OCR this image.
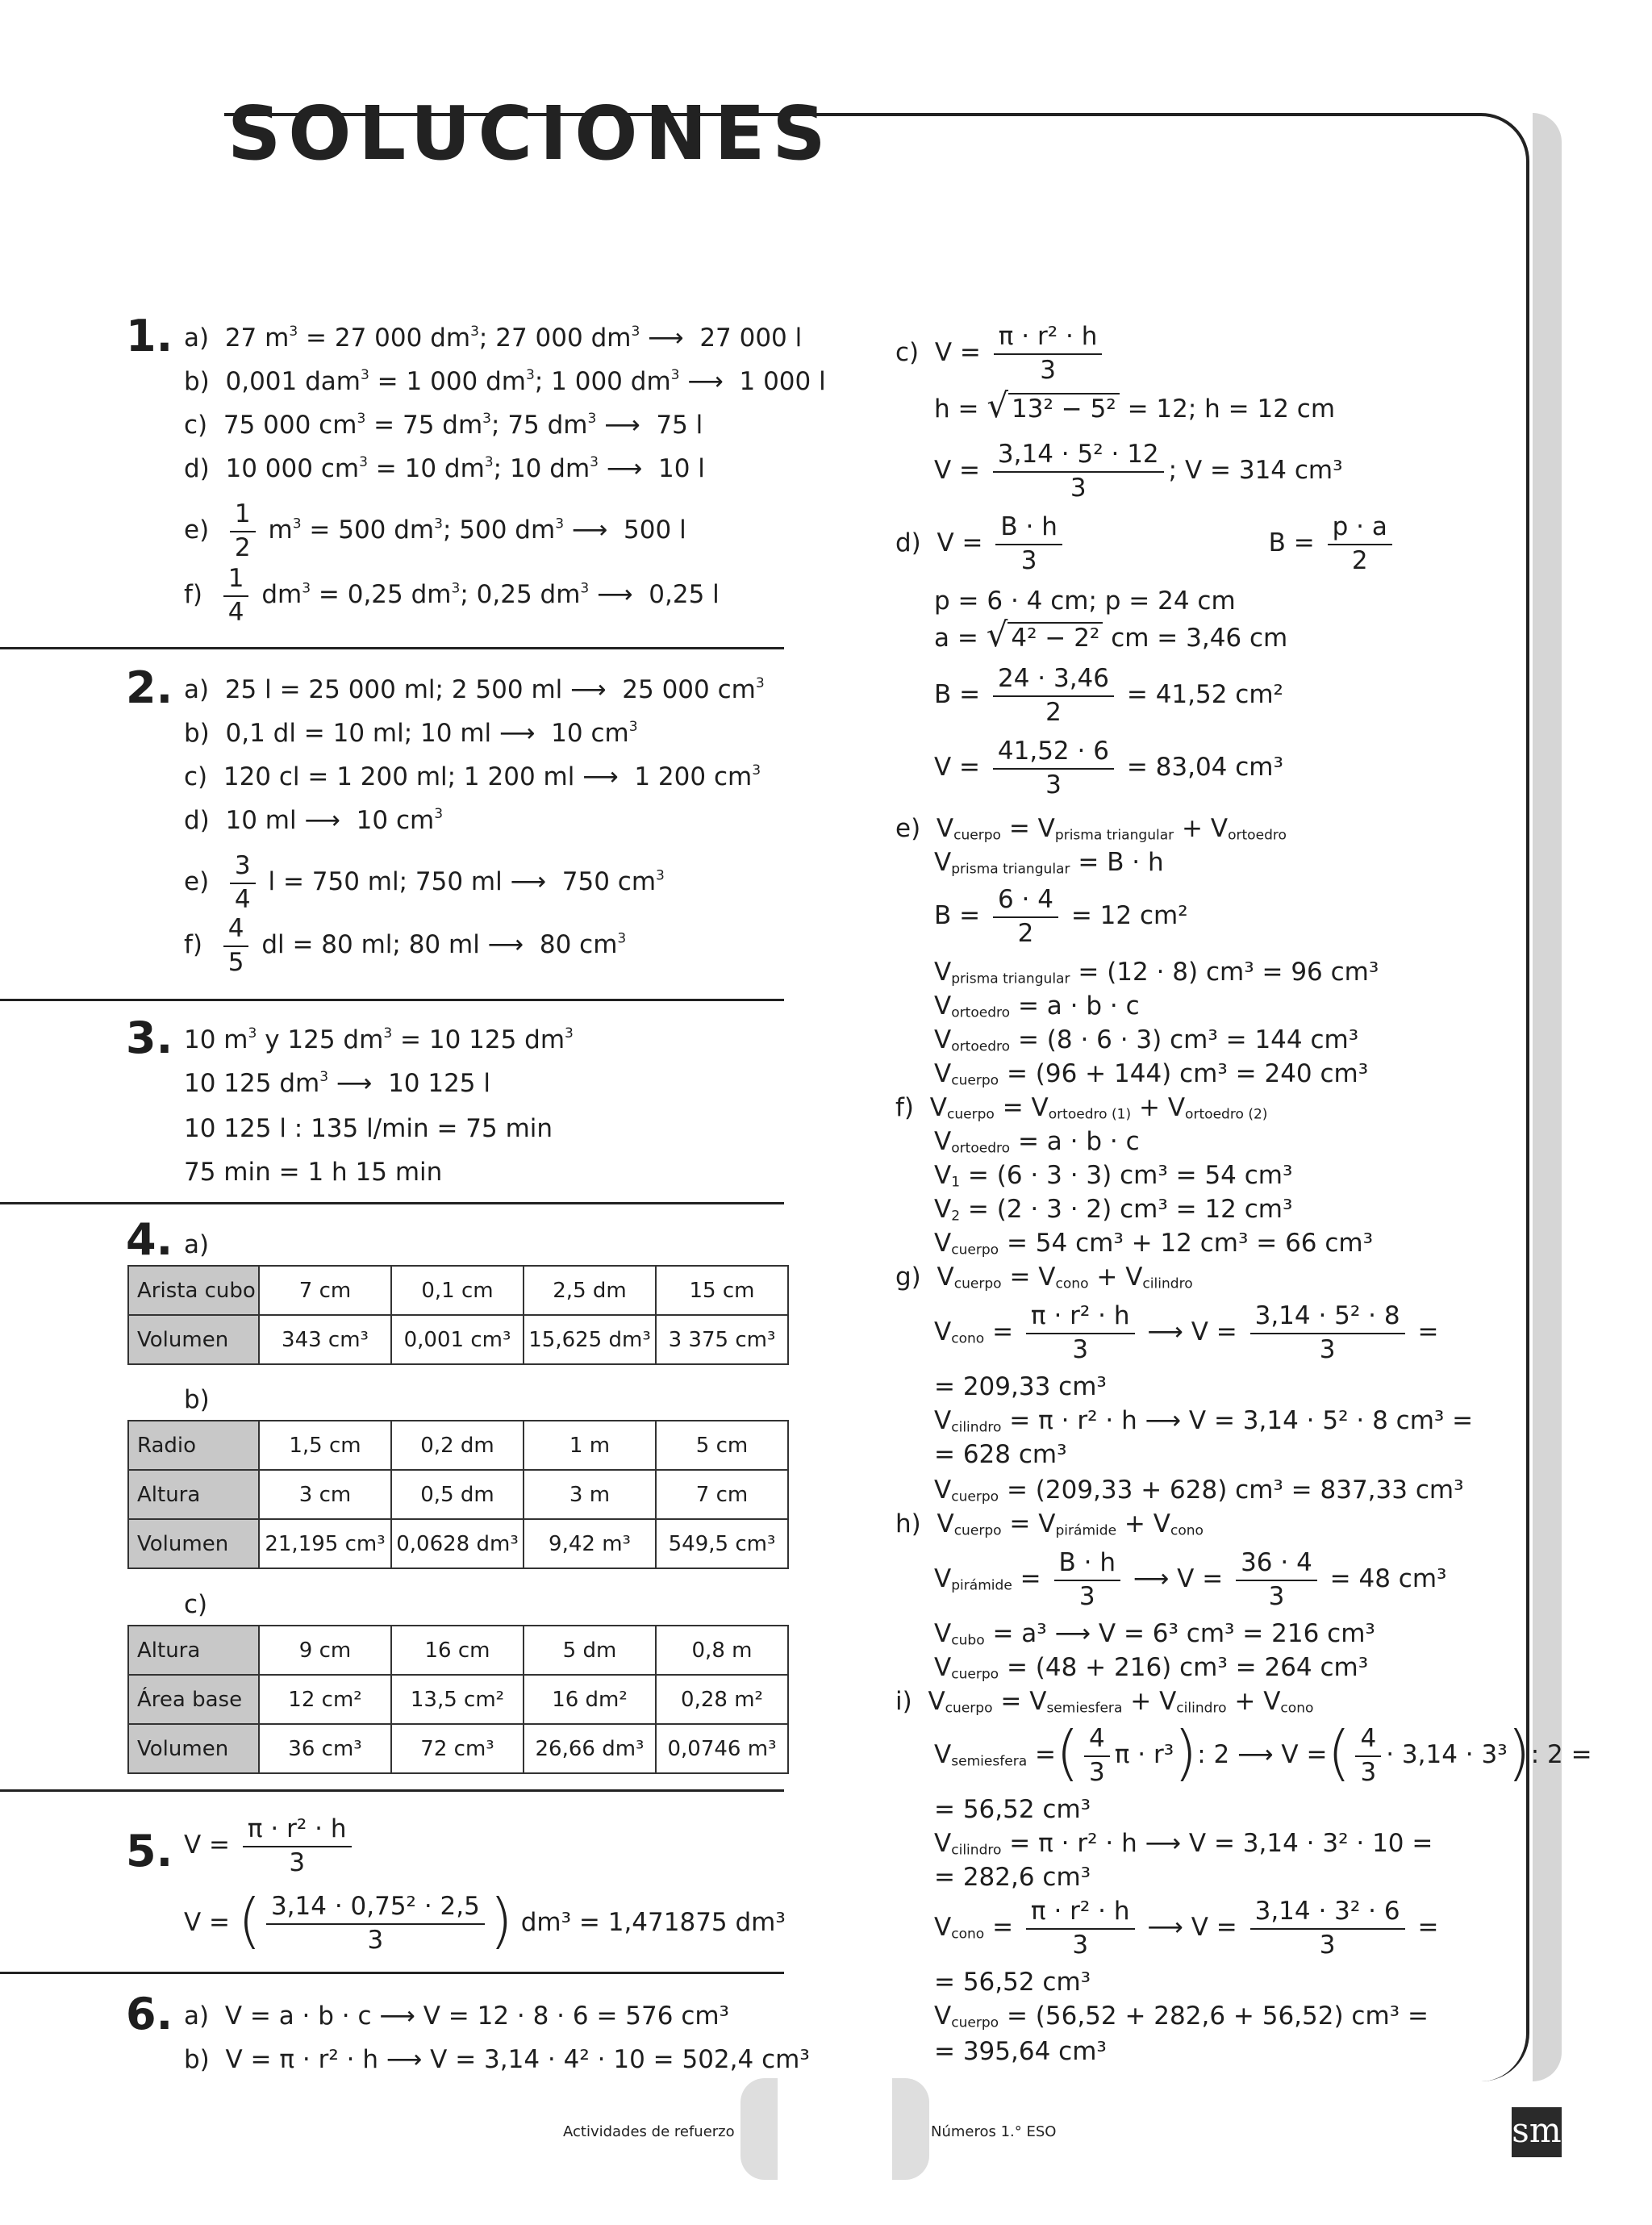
SOLUCIONES
1. a) 27 $m^3 = 27$ 000 $dm^3$; 27 000 $dm^3$ ⟶  27 000 l
b) 0,001 dam$^3$ = 1 000 $dm^3$; 1 000 $dm^3$ ⟶  1 000 l
c) 75 000 $cm^3 = 75$ $dm^3$; 75 $dm^3$ ⟶  75 l
d) 10 000 $cm^3 = 10$ $dm^3$; 10 $dm^3$ ⟶  10 l
$e) \frac{1}{2} m^3 = 500$ $dm^3$; 500 $dm^3$ ⟶  500 l
$f) \frac{1}{4} dm^3 = 0,25$ $dm^3$; 0,25 $dm^3$ ⟶  0,25 l
2. a) 25 l = 25 000 ml; 2 500 ml ⟶  25 000 $cm^3$
b) 0,1 dl = 10 ml; 10 ml ⟶  10 $cm^3$
c) 120 cl = 1 200 ml; 1 200 ml ⟶  1 200 $cm^3$
d) 10 ml ⟶  10 $cm^3$
$e) \frac{3}{4}$ l = 750 ml; 750 ml ⟶  750 $cm^3$
$f) \frac{4}{5}$ dl = 80 ml; 80 ml ⟶  80 $cm^3$
3. 10 $m^3$ y 125 $dm^3 = 10$ 125 $dm^3$
10 125 $dm^3$ ⟶  10 125 l
10 125 l : 135 l/min = 75 min
75 min = 1 h 15 min
4. a)
Arista cubo	7 cm	0,1 cm	2,5 dm	15 cm
Volumen	343 cm³	0,001 cm³	15,625 dm³	3 375 cm³
b)
Radio	1,5 cm	0,2 dm	1 m	5 cm
Altura	3 cm	0,5 dm	3 m	7 cm
Volumen	21,195 cm³	0,0628 dm³	9,42 m³	549,5 cm³
c)
Altura	9 cm	16 cm	5 dm	0,8 m
Área base	12 cm²	13,5 cm²	16 dm²	0,28 m²
Volumen	36 cm³	72 cm³	26,66 dm³	0,0746 m³
5. $V = \frac{\text{π · r² · h}}{3}$
V = ( $\frac{\text{3,14 · 0,75² · 2,5}}{3}$ ) dm³ = 1,471875 dm³
6. a) V = a · b · c ⟶ V = 12 · 8 · 6 = 576 cm³
b) V = π · r² · h ⟶ V = 3,14 · 4² · 10 = 502,4 cm³
c) $V = \frac{\text{π · r² · h}}{3}$
h = √ 13² − 5² = 12; h = 12 cm
$V = \frac{\text{3,14 · 5² · 12}}{3}$ ; V = 314 cm³
d) $V = \frac{B \cdot h}{3}$	$B = \frac{p \cdot a}{2}$
p = 6 · 4 cm; p = 24 cm
a = √ 4² − 2² cm = 3,46 cm
$B = \frac{24 \cdot 3,46}{2} = 41,52$ cm²
$V = \frac{41,52 \cdot 6}{3} = 83,04$ cm³
e) $V_{cuerpo} = V_{prisma triangular} + V_{ortoedro}$
$V_{prisma triangular} = B \cdot h$
$B = \frac{6 \cdot 4}{2} = 12$ cm²
$V_{prisma triangular} = (12 \cdot 8) cm^3 = 96$ cm³
$V_{ortoedro} = a \cdot b \cdot c$
$V_{ortoedro} = (8 \cdot 6 \cdot 3) cm^3 = 144$ cm³
$V_{cuerpo} = (96 + 144) cm^3 = 240$ cm³
f) $V_{cuerpo} = V_{ortoedro (1)} + V_{ortoedro (2)}$
$V_{ortoedro} = a \cdot b \cdot c$
$V_1 = (6 \cdot 3 \cdot 3) cm^3 = 54$ cm³
$V_2 = (2 \cdot 3 \cdot 2) cm^3 = 12$ cm³
$V_{cuerpo} = 54$ cm³ + 12 cm³ = 66 cm³
g) $V_{cuerpo} = V_{cono} + V_{cilindro}$
$V_{cono} = \frac{\text{π · r² · h}}{3}$ ⟶ $V = \frac{\text{3,14 · 5² · 8}}{3}$ =
= 209,33 cm³
$V_{cilindro} = \pi \cdot r^2 \cdot h$ ⟶ V = 3,14 · 5² · 8 cm³ =
= 628 cm³
$V_{cuerpo} = (209,33 + 628) cm^3 = 837,33$ cm³
h) $V_{cuerpo} = V_{pirámide} + V_{cono}$
$V_{pirámide} = \frac{B \cdot h}{3}$ ⟶ $V = \frac{36 \cdot 4}{3} = 48$ cm³
$V_{cubo} = a^3$ ⟶ V = 6³ cm³ = 216 cm³
$V_{cuerpo} = (48 + 216) cm^3 = 264$ cm³
i) $V_{cuerpo} = V_{semiesfera} + V_{cilindro} + V_{cono}$
$V_{semiesfera}$ =( $\frac{4}{3}$ π · r³): 2 ⟶ V =( $\frac{4}{3} \cdot 3,14 \cdot 3^3$): 2 =
= 56,52 cm³
$V_{cilindro} = \pi \cdot r^2 \cdot h$ ⟶ V = 3,14 · 3² · 10 =
= 282,6 cm³
$V_{cono} = \frac{\text{π · r² · h}}{3}$ ⟶ $V = \frac{\text{3,14 · 3² · 6}}{3}$ =
= 56,52 cm³
$V_{cuerpo} = (56,52 + 282,6 + 56,52) cm^3$ =
= 395,64 cm³
Actividades de refuerzo	Números 1.° ESO	sm
